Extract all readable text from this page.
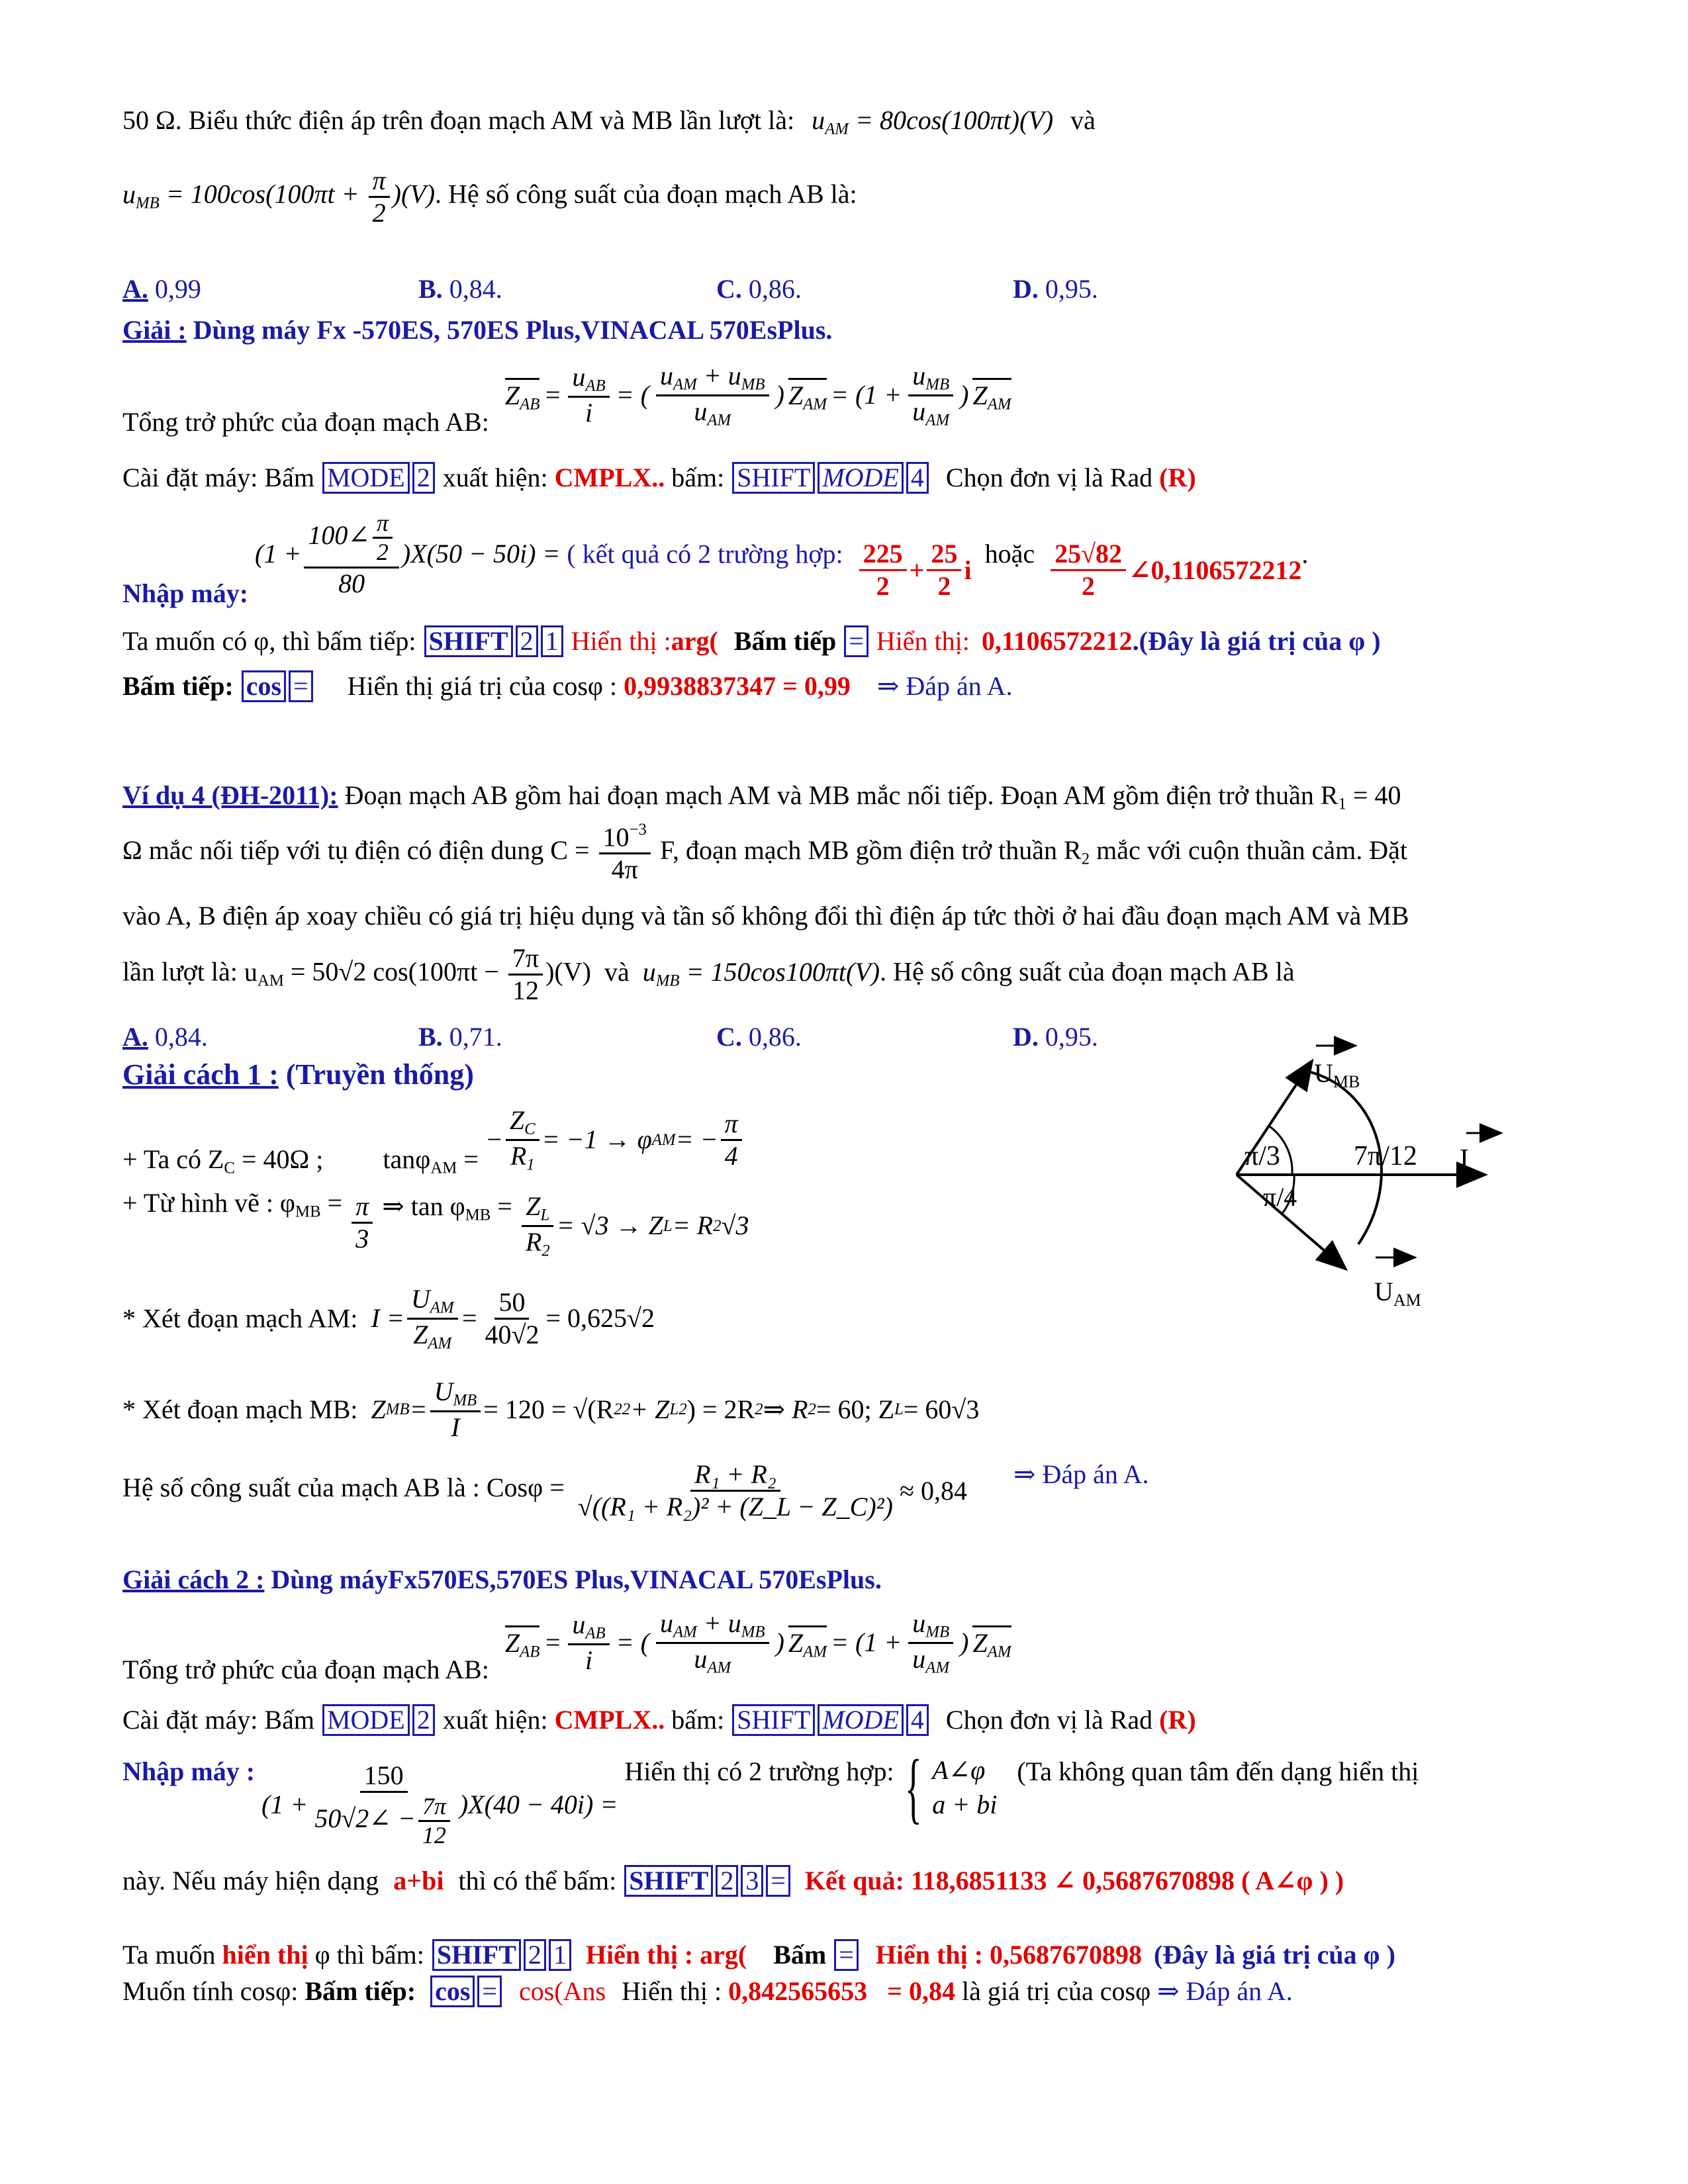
50 Ω. Biểu thức điện áp trên đoạn mạch AM và MB lần lượt là: $u_{AM} = 80\cos(100\pi t)(V)$ và
$u_{MB} = 100\cos(100\pi t + \frac{\pi}{2} )(V)$. Hệ số công suất của đoạn mạch AB là:
A. 0,99	B. 0,84.	C. 0,86.	D. 0,95.
Giải : Dùng máy Fx -570ES, 570ES Plus,VINACAL 570EsPlus.
Tổng trở phức của đoạn mạch AB:
$Z_{AB} = \frac{u_{AB}}{i}$ = ( $\frac{u_{AM} + u_{MB}}{u_{AM}}$ ) $Z_{AM} = (1 + \frac{u_{MB}}{u_{AM}}$ ) $Z_{AM}$
Cài đặt máy: Bấm MODE 2 xuất hiện: CMPLX.. bấm: SHIFT MODE 4 Chọn đơn vị là Rad (R)
Nhập máy: $(1 + \frac{100\angle \frac{\pi}{2}}{80} )X(50 - 50i)$ = ( kết quả có 2 trường hợp: $\frac{225}{2} + \frac{25}{2}$ i
hoặc $\frac{25√82}{2}$ ∠0,1106572212
.
Ta muốn có φ, thì bấm tiếp: SHIFT 2 1 Hiển thị :arg( Bấm tiếp = Hiển thị: 0,1106572212.(Đây là giá trị của φ )
Bấm tiếp: cos = Hiển thị giá trị của cosφ : 0,9938837347 = 0,99 ⇒ Đáp án A.
Ví dụ 4 (ĐH-2011): Đoạn mạch AB gồm hai đoạn mạch AM và MB mắc nối tiếp. Đoạn AM gồm điện trở thuần $R_1 = 40$
Ω mắc nối tiếp với tụ điện có điện dung $C = \frac{10^{-3}}{4\pi} F$, đoạn mạch MB gồm điện trở thuần $R_2$ mắc với cuộn thuần cảm. Đặt
vào A, B điện áp xoay chiều có giá trị hiệu dụng và tần số không đổi thì điện áp tức thời ở hai đầu đoạn mạch AM và MB
lần lượt là: $u_{AM} = 50√2$ $\cos(100\pi t - \frac{7\pi}{12} )(V)$ và $u_{MB} = 150\cos 100\pi t(V)$. Hệ số công suất của đoạn mạch AB là
A. 0,84.	B. 0,71.	C. 0,86.	D. 0,95.
Giải cách 1 : (Truyền thống)
+ Ta có $Z_C = 40\Omega$ ; tanφ$_{AM}$ = − $\frac{Z_C}{R_1} = -1 \to \varphi$ AM = − $\frac{\pi}{4}$
+ Từ hình vẽ : $\varphi_{MB} = \frac{\pi}{3}$ ⇒ $\tan \varphi_{MB} = \frac{Z_L}{R_2} = √3 \to Z$ L = R 2 √3
* Xét đoạn mạch AM: $I = \frac{U_{AM}}{Z_{AM}} = \frac{50}{40√2} = 0,625√2$
* Xét đoạn mạch MB: Z MB = $\frac{U_{MB}}{I} = 120 = √(R$ 2 2 + Z L 2 ) = 2R 2 ⇒ R 2 = 60; Z L = 60√3
Hệ số công suất của mạch AB là : $Cos\varphi = \frac{\text{R₁ + R₂}}{\text{√((R₁ + R₂)² + (Z\_L − Z\_C)²)}} \approx 0,84$
⇒ Đáp án A.
$U_{MB}$
π/3	7π/12 I
π/4
$U_{AM}$
Giải cách 2 : Dùng máyFx570ES,570ES Plus,VINACAL 570EsPlus.
Tổng trở phức của đoạn mạch AB:
$Z_{AB} = \frac{u_{AB}}{i}$ = ( $\frac{u_{AM} + u_{MB}}{u_{AM}}$ ) $Z_{AM} = (1 + \frac{u_{MB}}{u_{AM}}$ ) $Z_{AM}$
Cài đặt máy: Bấm MODE 2 xuất hiện: CMPLX.. bấm: SHIFT MODE 4 Chọn đơn vị là Rad (R)
Nhập máy : $(1 + \frac{150}{50√2\angle - \frac{7\pi}{12}} )X(40 - 40i)$ =
Hiển thị có 2 trường hợp: { A∠φ
a + bi
(Ta không quan tâm đến dạng hiển thị
này. Nếu máy hiện dạng a+bi thì có thể bấm: SHIFT 2 3 = Kết quả: 118,6851133 ∠ 0,5687670898 ( A∠φ ) )
Ta muốn hiển thị φ thì bấm: SHIFT 2 1 Hiển thị : arg( Bấm = Hiển thị : 0,5687670898 (Đây là giá trị của φ )
Muốn tính cosφ: Bấm tiếp: cos = cos(Ans Hiển thị : 0,842565653 = 0,84 là giá trị của cosφ ⇒ Đáp án A.
